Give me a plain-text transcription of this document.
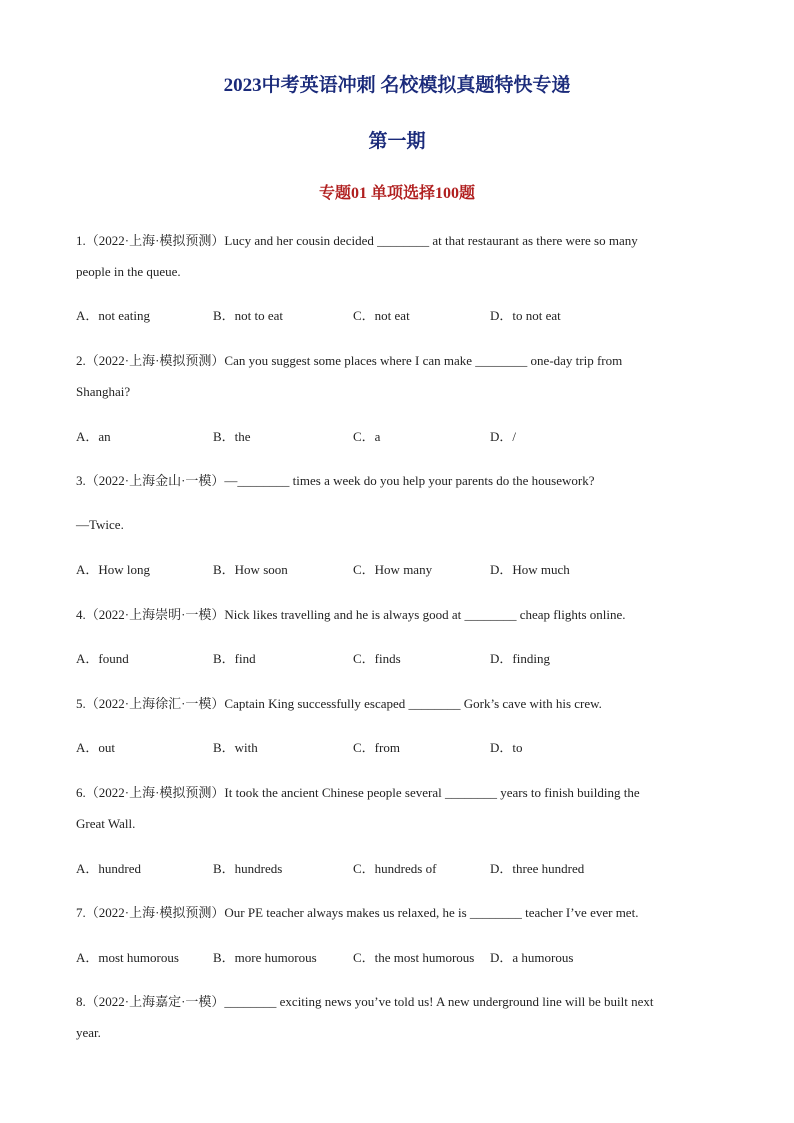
2023中考英语冲刺 名校模拟真题特快专递
第一期
专题01 单项选择100题
1.（2022·上海·模拟预测）Lucy and her cousin decided ________ at that restaurant as there were so many
people in the queue.
A．not eating	B．not to eat	C．not eat	D．to not eat
2.（2022·上海·模拟预测）Can you suggest some places where I can make ________ one-day trip from
Shanghai?
A．an	B．the	C．a	D．/
3.（2022·上海金山·一模）—________ times a week do you help your parents do the housework?
—Twice.
A．How long	B．How soon	C．How many	D．How much
4.（2022·上海崇明·一模）Nick likes travelling and he is always good at ________ cheap flights online.
A．found	B．find	C．finds	D．finding
5.（2022·上海徐汇·一模）Captain King successfully escaped ________ Gork’s cave with his crew.
A．out	B．with	C．from	D．to
6.（2022·上海·模拟预测）It took the ancient Chinese people several ________ years to finish building the
Great Wall.
A．hundred	B．hundreds	C．hundreds of	D．three hundred
7.（2022·上海·模拟预测）Our PE teacher always makes us relaxed, he is ________ teacher I’ve ever met.
A．most humorous	B．more humorous	C．the most humorous D．a humorous
8.（2022·上海嘉定·一模）________ exciting news you’ve told us! A new underground line will be built next
year.
